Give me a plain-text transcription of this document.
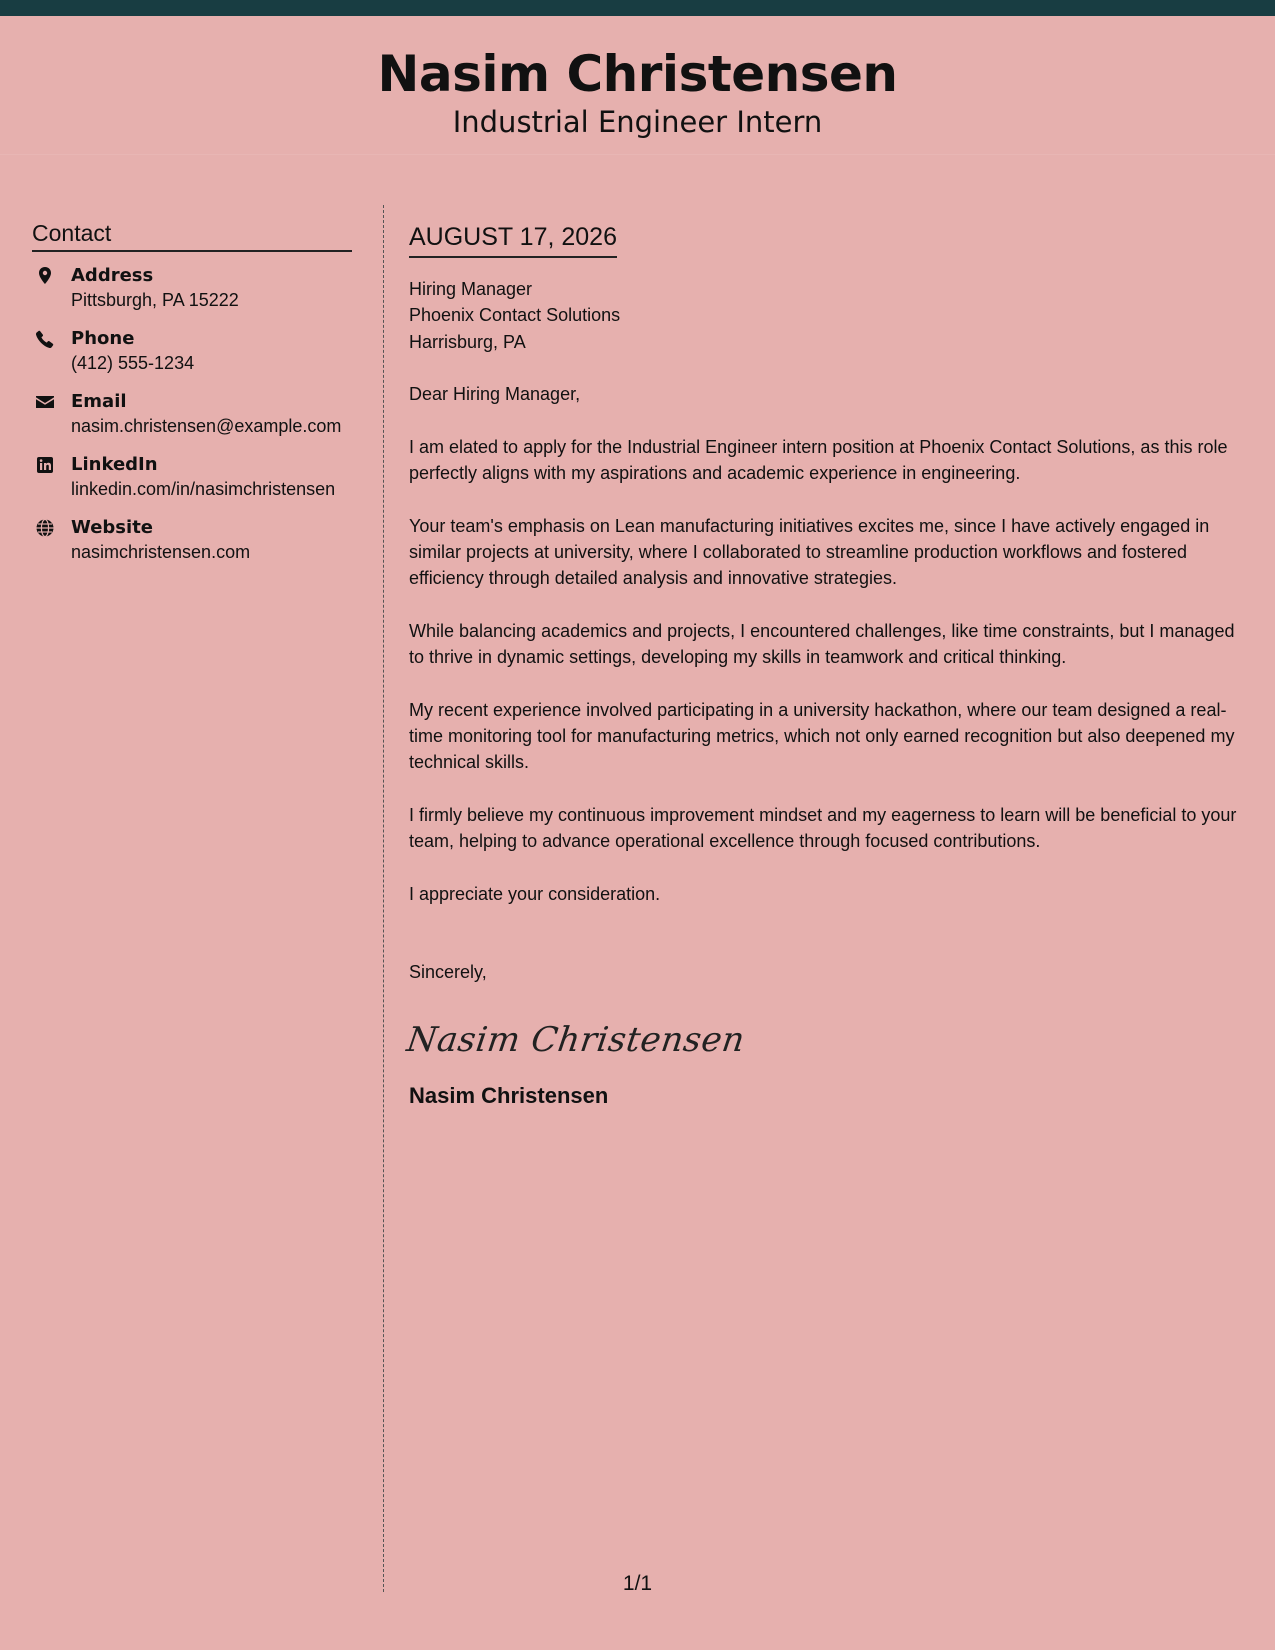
Nasim Christensen
Industrial Engineer Intern
Contact
Address
Pittsburgh, PA 15222
Phone
(412) 555-1234
Email
nasim.christensen@example.com
LinkedIn
linkedin.com/in/nasimchristensen
Website
nasimchristensen.com
AUGUST 17, 2026
Hiring Manager
Phoenix Contact Solutions
Harrisburg, PA

Dear Hiring Manager,

I am elated to apply for the Industrial Engineer intern position at Phoenix Contact Solutions, as this role perfectly aligns with my aspirations and academic experience in engineering.

Your team's emphasis on Lean manufacturing initiatives excites me, since I have actively engaged in similar projects at university, where I collaborated to streamline production workflows and fostered efficiency through detailed analysis and innovative strategies.

While balancing academics and projects, I encountered challenges, like time constraints, but I managed to thrive in dynamic settings, developing my skills in teamwork and critical thinking.

My recent experience involved participating in a university hackathon, where our team designed a real-time monitoring tool for manufacturing metrics, which not only earned recognition but also deepened my technical skills.

I firmly believe my continuous improvement mindset and my eagerness to learn will be beneficial to your team, helping to advance operational excellence through focused contributions.

I appreciate your consideration.

Sincerely,
Nasim Christensen
Nasim Christensen
1/1
